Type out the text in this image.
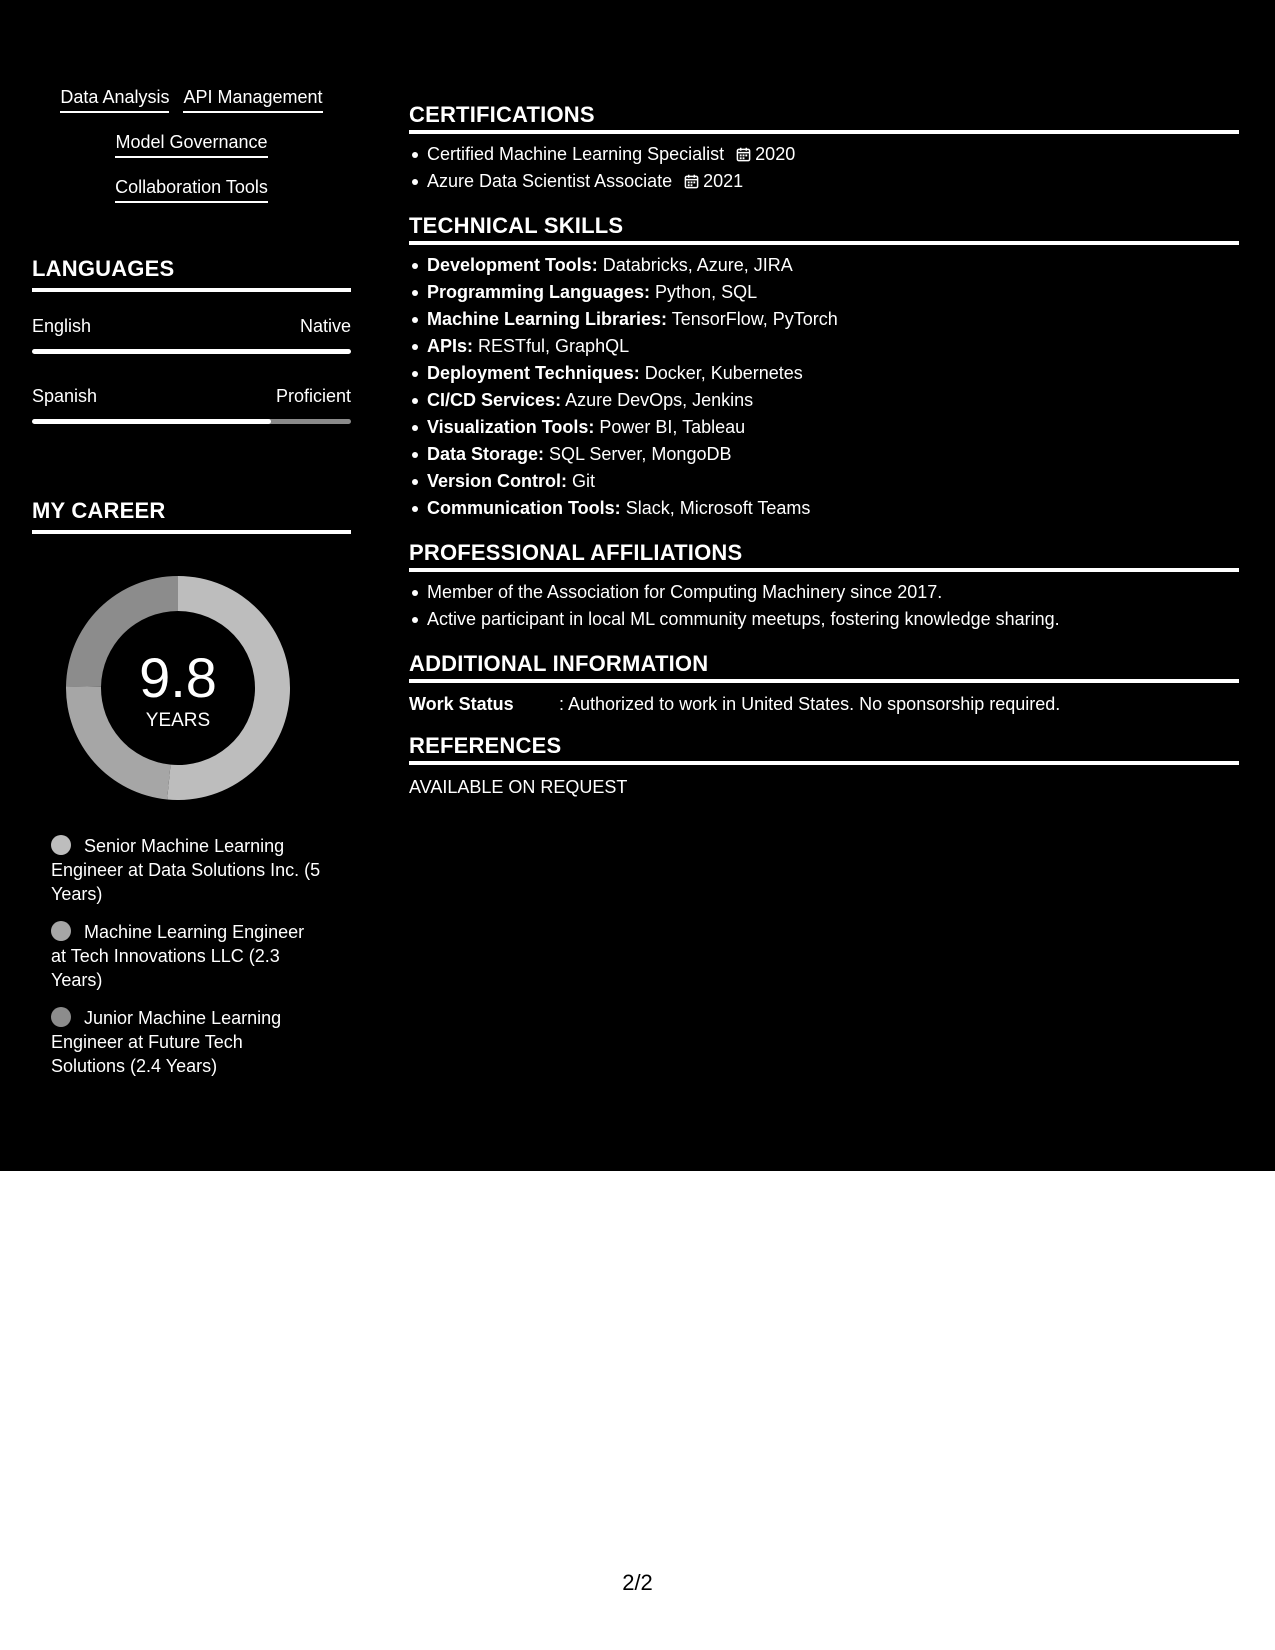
Data Analysis API Management
Model Governance
Collaboration Tools
LANGUAGES
English	Native
Spanish	Proficient
MY CAREER
9.8
YEARS
Senior Machine Learning Engineer at Data Solutions Inc. (5 Years)
Machine Learning Engineer at Tech Innovations LLC (2.3 Years)
Junior Machine Learning Engineer at Future Tech Solutions (2.4 Years)
CERTIFICATIONS
Certified Machine Learning Specialist 2020
Azure Data Scientist Associate 2021
TECHNICAL SKILLS
Development Tools: Databricks, Azure, JIRA
Programming Languages: Python, SQL
Machine Learning Libraries: TensorFlow, PyTorch
APIs: RESTful, GraphQL
Deployment Techniques: Docker, Kubernetes
CI/CD Services: Azure DevOps, Jenkins
Visualization Tools: Power BI, Tableau
Data Storage: SQL Server, MongoDB
Version Control: Git
Communication Tools: Slack, Microsoft Teams
PROFESSIONAL AFFILIATIONS
Member of the Association for Computing Machinery since 2017.
Active participant in local ML community meetups, fostering knowledge sharing.
ADDITIONAL INFORMATION
Work Status	: Authorized to work in United States. No sponsorship required.
REFERENCES
AVAILABLE ON REQUEST
2/2
